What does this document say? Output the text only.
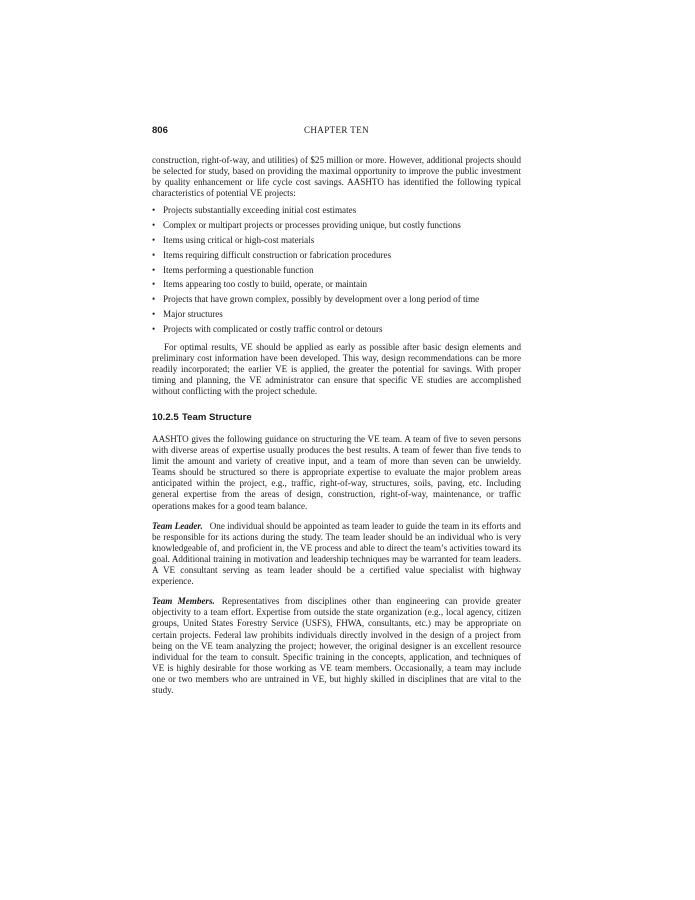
806	CHAPTER TEN

construction, right-of-way, and utilities) of $25 million or more. However, additional projects should be selected for study, based on providing the maximal opportunity to improve the public investment by quality enhancement or life cycle cost savings. AASHTO has identified the following typical characteristics of potential VE projects:

• Projects substantially exceeding initial cost estimates
• Complex or multipart projects or processes providing unique, but costly functions
• Items using critical or high-cost materials
• Items requiring difficult construction or fabrication procedures
• Items performing a questionable function
• Items appearing too costly to build, operate, or maintain
• Projects that have grown complex, possibly by development over a long period of time
• Major structures
• Projects with complicated or costly traffic control or detours

For optimal results, VE should be applied as early as possible after basic design elements and preliminary cost information have been developed. This way, design recommendations can be more readily incorporated; the earlier VE is applied, the greater the potential for savings. With proper timing and planning, the VE administrator can ensure that specific VE studies are accomplished without conflicting with the project schedule.

10.2.5 Team Structure

AASHTO gives the following guidance on structuring the VE team. A team of five to seven persons with diverse areas of expertise usually produces the best results. A team of fewer than five tends to limit the amount and variety of creative input, and a team of more than seven can be unwieldy. Teams should be structured so there is appropriate expertise to evaluate the major problem areas anticipated within the project, e.g., traffic, right-of-way, structures, soils, paving, etc. Including general expertise from the areas of design, construction, right-of-way, maintenance, or traffic operations makes for a good team balance.

Team Leader. One individual should be appointed as team leader to guide the team in its efforts and be responsible for its actions during the study. The team leader should be an individual who is very knowledgeable of, and proficient in, the VE process and able to direct the team’s activities toward its goal. Additional training in motivation and leadership techniques may be warranted for team leaders. A VE consultant serving as team leader should be a certified value specialist with highway experience.

Team Members. Representatives from disciplines other than engineering can provide greater objectivity to a team effort. Expertise from outside the state organization (e.g., local agency, citizen groups, United States Forestry Service (USFS), FHWA, consultants, etc.) may be appropriate on certain projects. Federal law prohibits individuals directly involved in the design of a project from being on the VE team analyzing the project; however, the original designer is an excellent resource individual for the team to consult. Specific training in the concepts, application, and techniques of VE is highly desirable for those working as VE team members. Occasionally, a team may include one or two members who are untrained in VE, but highly skilled in disciplines that are vital to the study.
